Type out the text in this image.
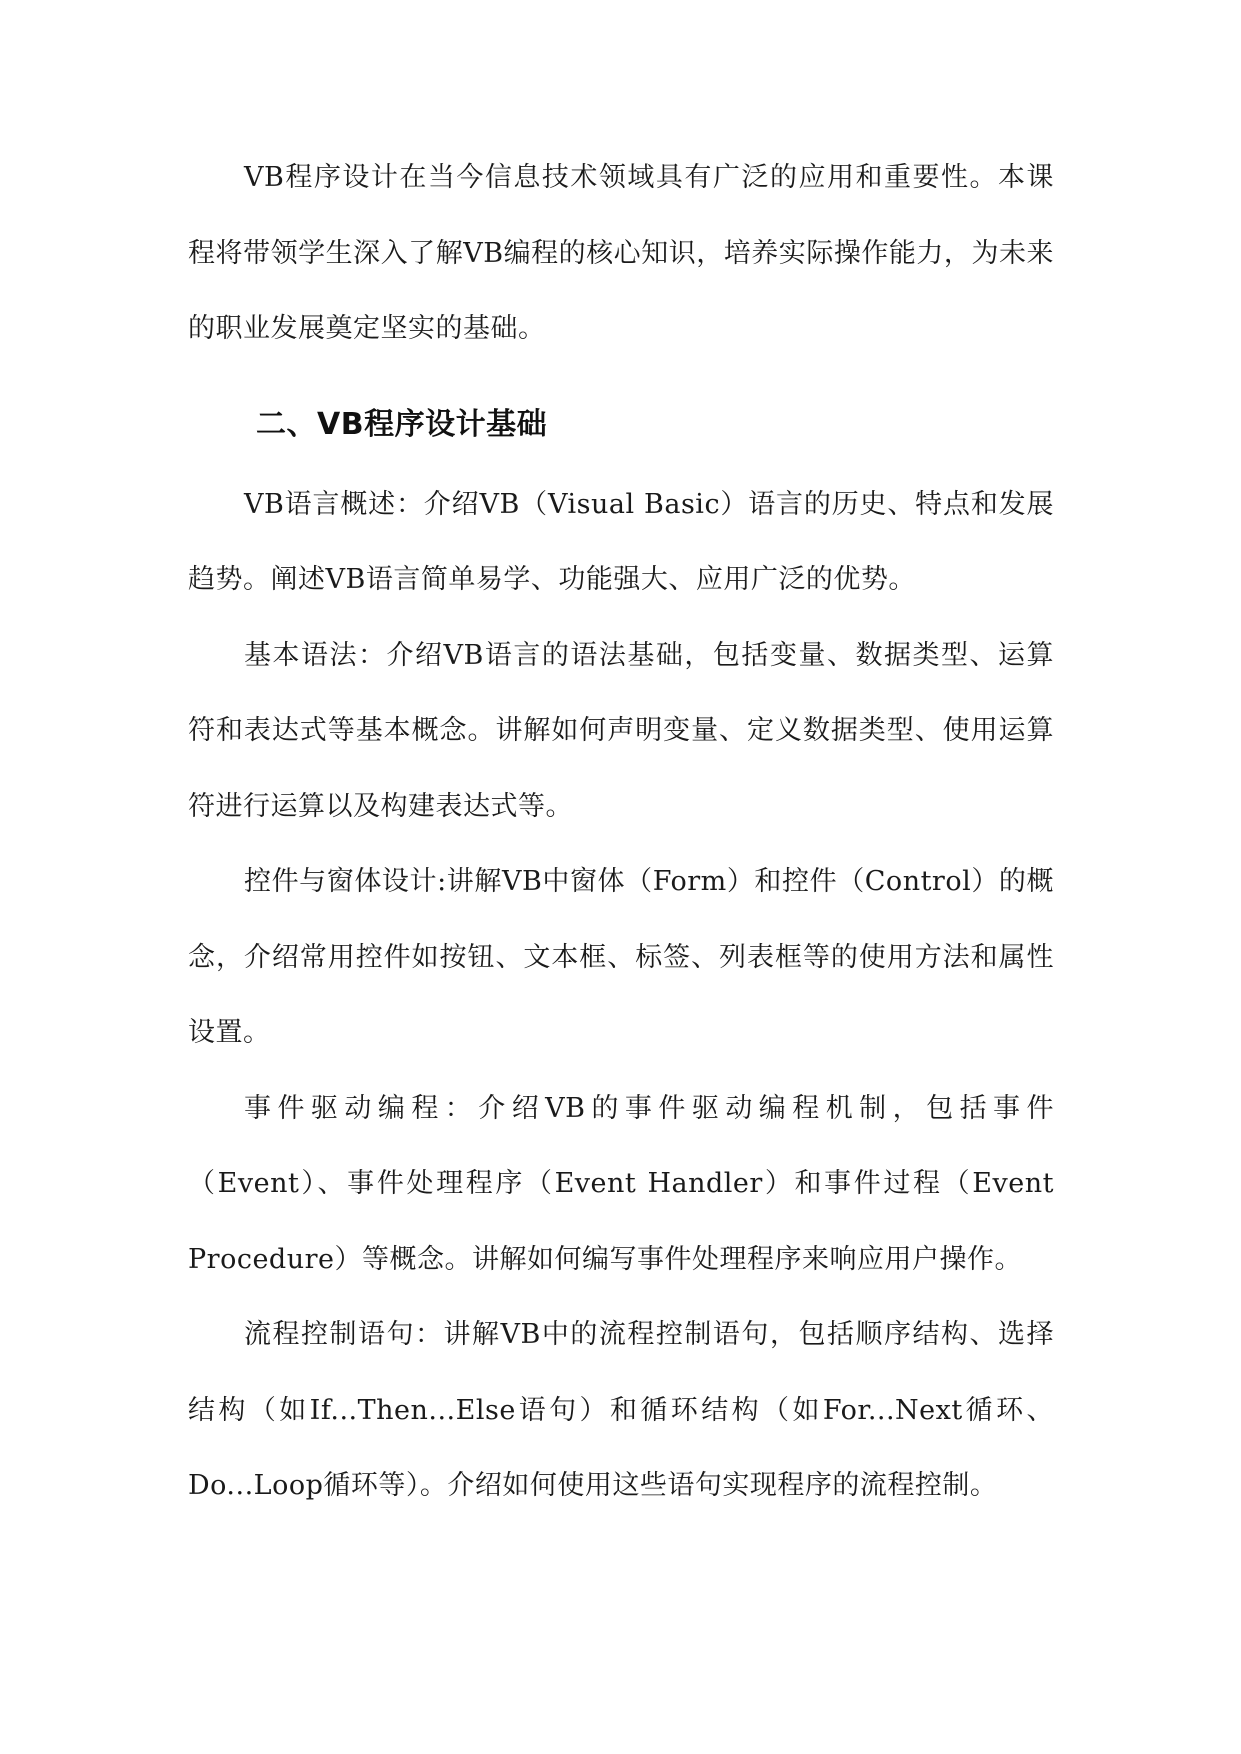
VB程序设计在当今信息技术领域具有广泛的应用和重要性。本课程将带领学生深入了解VB编程的核心知识，培养实际操作能力，为未来的职业发展奠定坚实的基础。

二、VB程序设计基础

VB语言概述：介绍VB（Visual Basic）语言的历史、特点和发展趋势。阐述VB语言简单易学、功能强大、应用广泛的优势。

基本语法：介绍VB语言的语法基础，包括变量、数据类型、运算符和表达式等基本概念。讲解如何声明变量、定义数据类型、使用运算符进行运算以及构建表达式等。

控件与窗体设计:讲解VB中窗体（Form）和控件（Control）的概念，介绍常用控件如按钮、文本框、标签、列表框等的使用方法和属性设置。

事件驱动编程：介绍VB的事件驱动编程机制，包括事件（Event）、事件处理程序（Event Handler）和事件过程（Event Procedure）等概念。讲解如何编写事件处理程序来响应用户操作。

流程控制语句：讲解VB中的流程控制语句，包括顺序结构、选择结构（如If...Then...Else语句）和循环结构（如For...Next循环、Do...Loop循环等）。介绍如何使用这些语句实现程序的流程控制。
